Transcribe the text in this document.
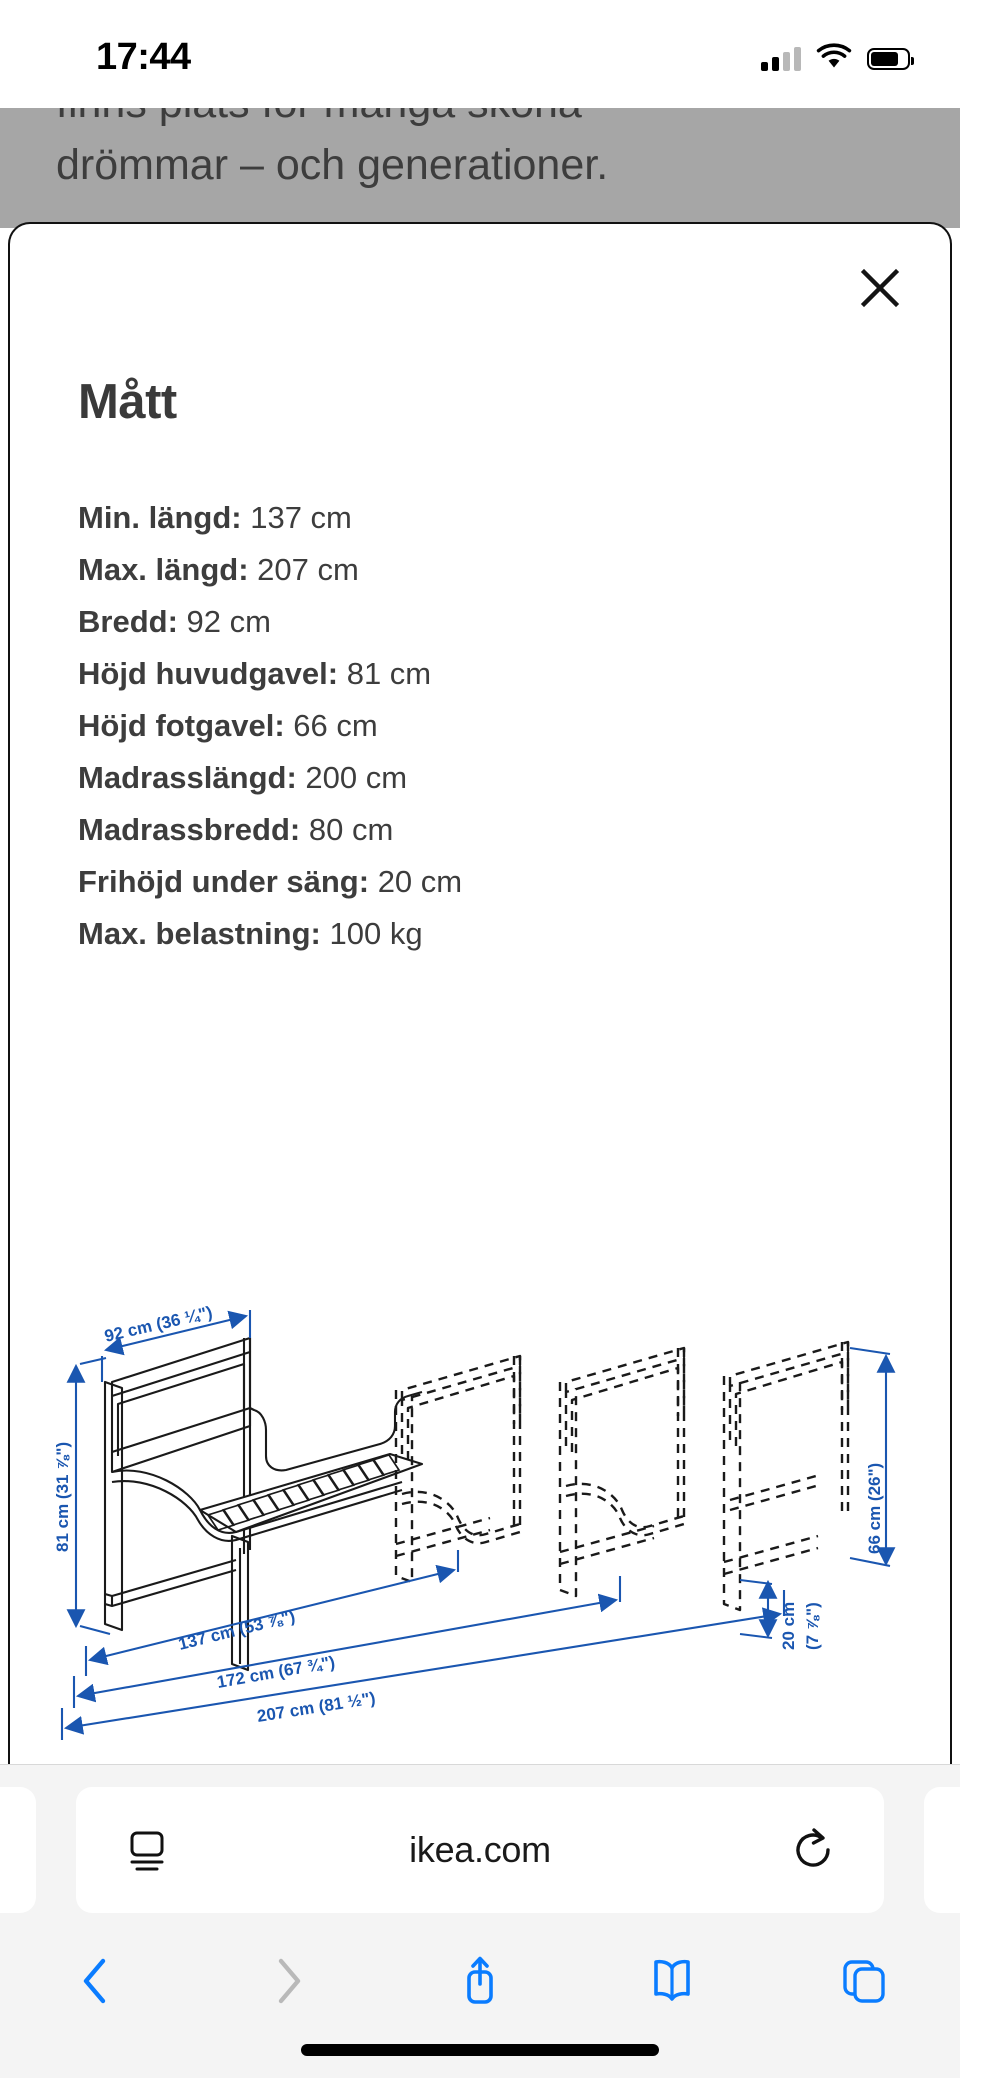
17:44
drömmar – och generationer.
Mått
Min. längd: 137 cm
Max. längd: 207 cm
Bredd: 92 cm
Höjd huvudgavel: 81 cm
Höjd fotgavel: 66 cm
Madrasslängd: 200 cm
Madrassbredd: 80 cm
Frihöjd under säng: 20 cm
Max. belastning: 100 kg
92 cm (36 ¼")
81 cm (31 ⅞")	66 cm (26")
137 cm (53 ⅞")
172 cm (67 ¾")
207 cm (81 ½")
20 cm (7 ⅞")
ikea.com
